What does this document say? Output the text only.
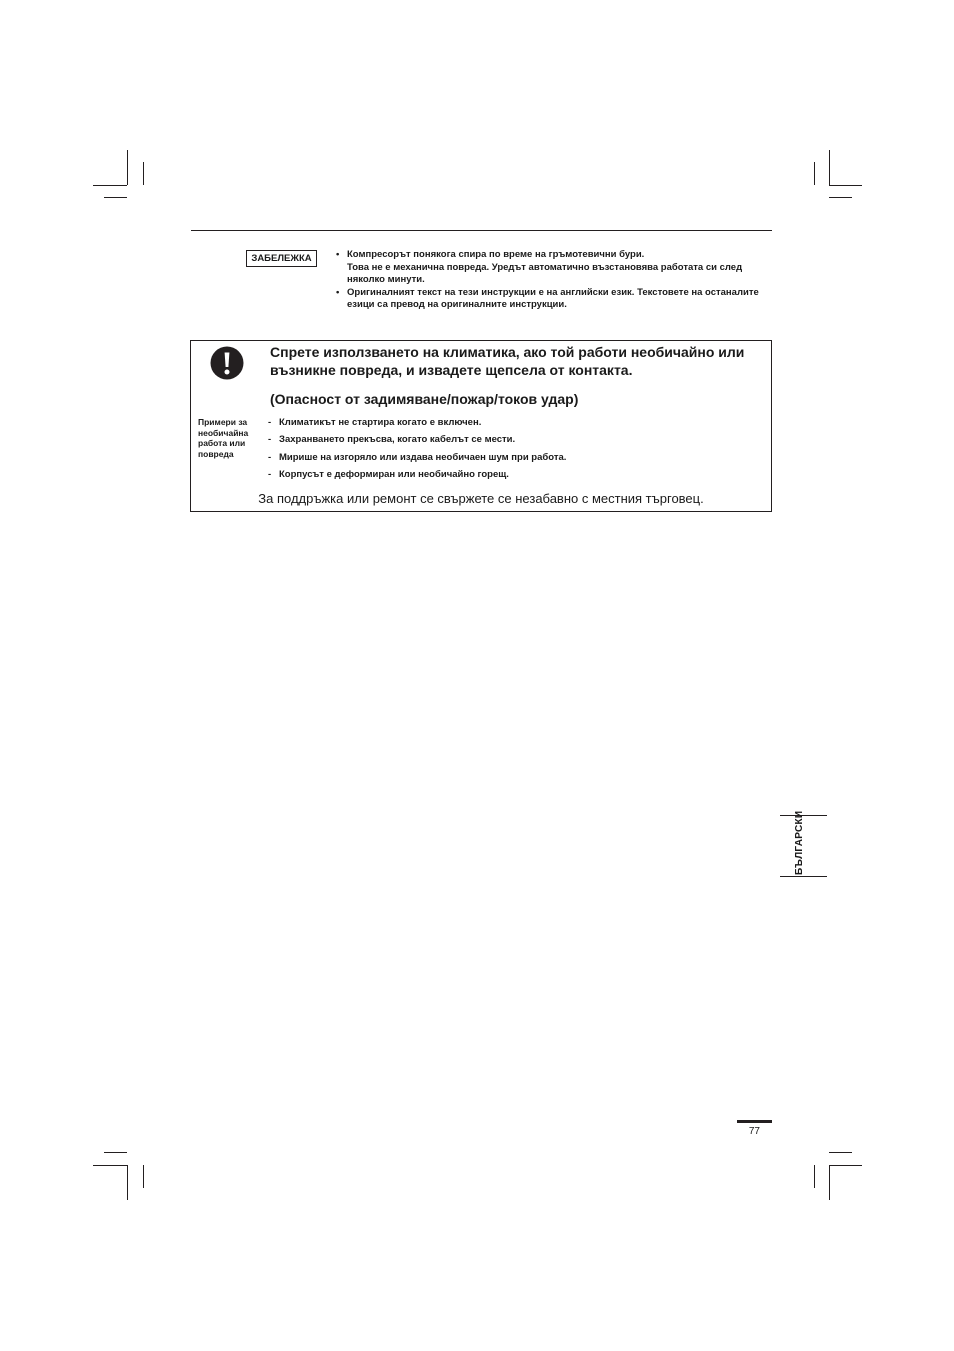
ЗАБЕЛЕЖКА	• Компресорът понякога спира по време на гръмотевични бури.
Това не е механична повреда. Уредът автоматично възстановява работата си след няколко минути.
• Оригиналният текст на тези инструкции е на английски език. Текстовете на останалите езици са превод на оригиналните инструкции.
Спрете използването на климатика, ако той работи необичайно или възникне повреда, и извадете щепсела от контакта.
(Опасност от задимяване/пожар/токов удар)
Примери за необичайна работа или повреда
- Климатикът не стартира когато е включен.
- Захранването прекъсва, когато кабелът се мести.
- Мирише на изгоряло или издава необичаен шум при работа.
- Корпусът е деформиран или необичайно горещ.
За поддръжка или ремонт се свържете се незабавно с местния търговец.
БЪЛГАРСКИ
77
